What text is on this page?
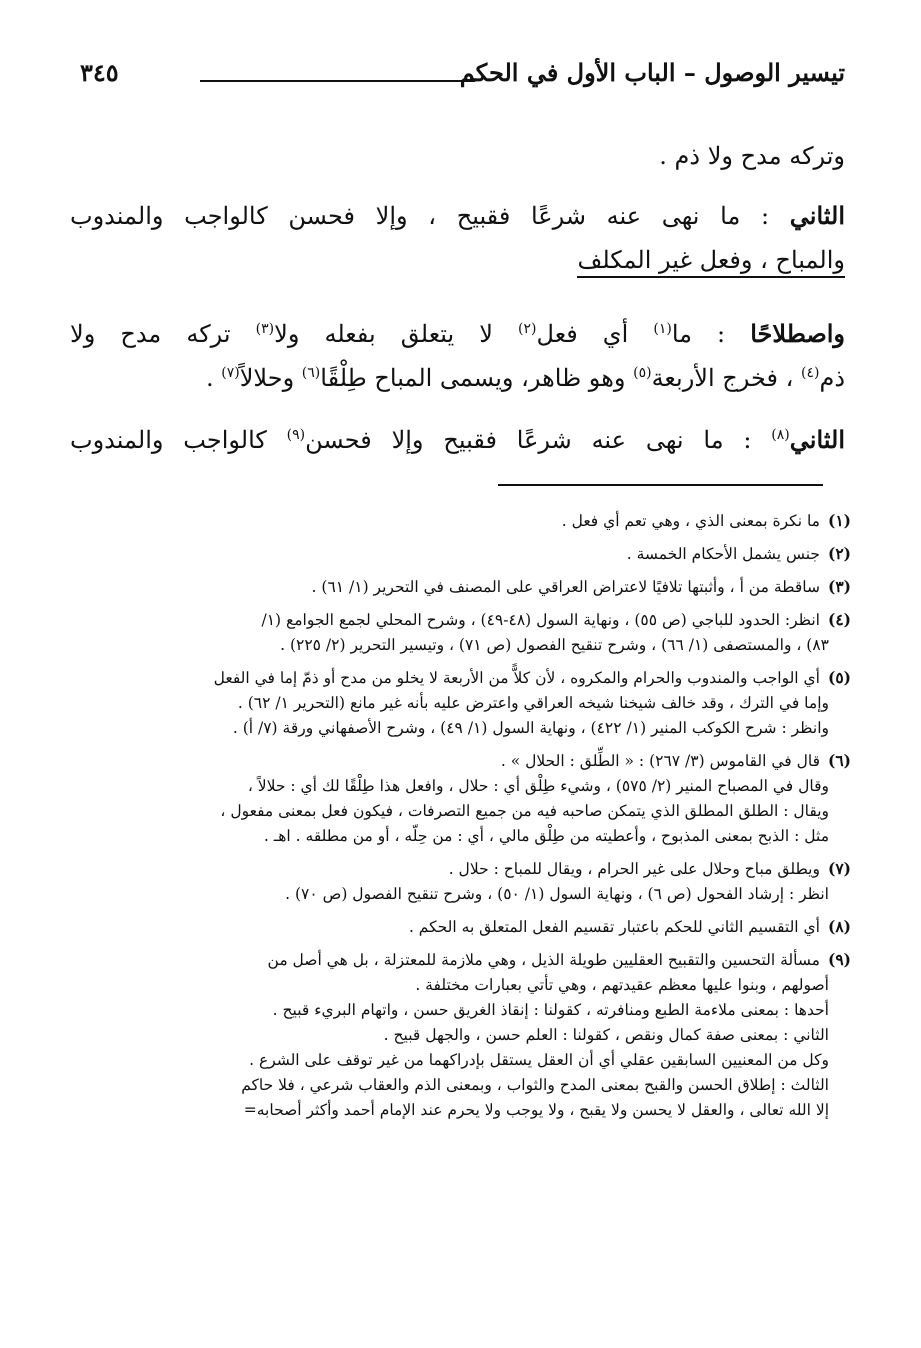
تيسير الوصول – الباب الأول في الحكم
٣٤٥
وتركه مدح ولا ذم .
الثاني : ما نهى عنه شرعًا فقبيح ، وإلا فحسن كالواجب والمندوب
والمباح ، وفعل غير المكلف
واصطلاحًا : ما$^{(١)}$ أي فعل$^{(٢)}$ لا يتعلق بفعله ولا$^{(٣)}$ تركه مدح ولا
ذم$^{(٤)}$ ، فخرج الأربعة$^{(٥)}$ وهو ظاهر، ويسمى المباح طِلْقًا$^{(٦)}$ وحلالاً$^{(٧)}$ .
الثاني$^{(٨)}$ : ما نهى عنه شرعًا فقبيح وإلا فحسن$^{(٩)}$ كالواجب والمندوب
(١)ما نكرة بمعنى الذي ، وهي تعم أي فعل .
(٢)جنس يشمل الأحكام الخمسة .
(٣)ساقطة من أ ، وأثبتها تلافيًا لاعتراض العراقي على المصنف في التحرير (١/ ٦١) .
(٤)انظر: الحدود للباجي (ص ٥٥) ، ونهاية السول (٤٨-٤٩) ، وشرح المحلي لجمع الجوامع (١/
٨٣) ، والمستصفى (١/ ٦٦) ، وشرح تنقيح الفصول (ص ٧١) ، وتيسير التحرير (٢/ ٢٢٥) .
(٥)أي الواجب والمندوب والحرام والمكروه ، لأن كلاًّ من الأربعة لا يخلو من مدح أو ذمّ إما في الفعل
وإما في الترك ، وقد خالف شيخنا شيخه العراقي واعترض عليه بأنه غير مانع (التحرير ١/ ٦٢) .
وانظر : شرح الكوكب المنير (١/ ٤٢٢) ، ونهاية السول (١/ ٤٩) ، وشرح الأصفهاني ورقة (٧/ أ) .
(٦)قال في القاموس (٣/ ٢٦٧) : « الطِّلق : الحلال » .
وقال في المصباح المنير (٢/ ٥٧٥) ، وشيء طِلْق أي : حلال ، وافعل هذا طِلْقًا لك أي : حلالاً ،
ويقال : الطلق المطلق الذي يتمكن صاحبه فيه من جميع التصرفات ، فيكون فعل بمعنى مفعول ،
مثل : الذبح بمعنى المذبوح ، وأعطيته من طِلْق مالي ، أي : من حِلّه ، أو من مطلقه . اهـ .
(٧)ويطلق مباح وحلال على غير الحرام ، ويقال للمباح : حلال .
انظر : إرشاد الفحول (ص ٦) ، ونهاية السول (١/ ٥٠) ، وشرح تنقيح الفصول (ص ٧٠) .
(٨)أي التقسيم الثاني للحكم باعتبار تقسيم الفعل المتعلق به الحكم .
(٩)مسألة التحسين والتقبيح العقليين طويلة الذيل ، وهي ملازمة للمعتزلة ، بل هي أصل من
أصولهم ، وبنوا عليها معظم عقيدتهم ، وهي تأتي بعبارات مختلفة .
أحدها : بمعنى ملاءمة الطبع ومنافرته ، كقولنا : إنقاذ الغريق حسن ، واتهام البريء قبيح .
الثاني : بمعنى صفة كمال ونقص ، كقولنا : العلم حسن ، والجهل قبيح .
وكل من المعنيين السابقين عقلي أي أن العقل يستقل بإدراكهما من غير توقف على الشرع .
الثالث : إطلاق الحسن والقبح بمعنى المدح والثواب ، وبمعنى الذم والعقاب شرعي ، فلا حاكم
إلا الله تعالى ، والعقل لا يحسن ولا يقبح ، ولا يوجب ولا يحرم عند الإمام أحمد وأكثر أصحابه=
